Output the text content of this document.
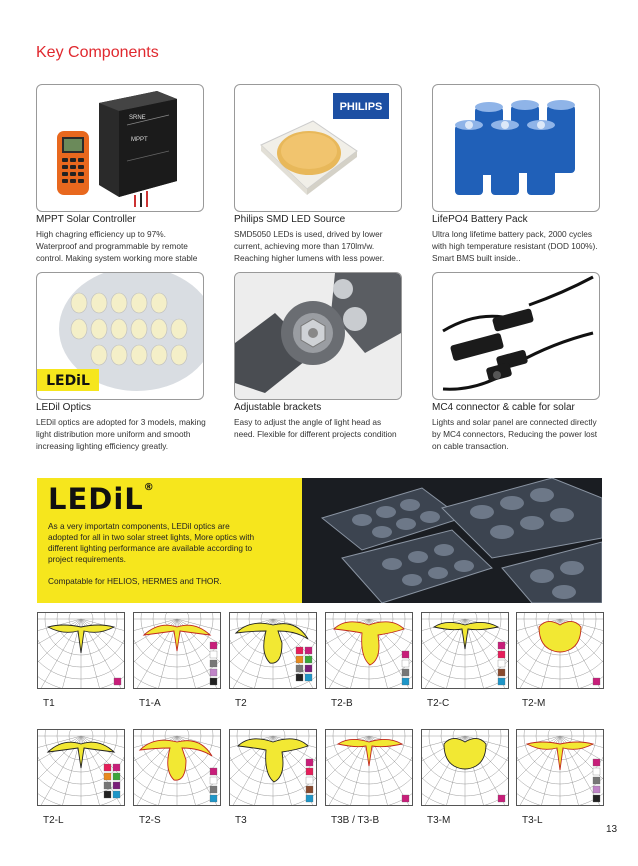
Key Components
SRNE
MPPT
PHILIPS
MPPT Solar Controller
High chagring efficiency up to 97%.
Waterproof and programmable by remote
control. Making system working more stable
Philips SMD LED Source
SMD5050 LEDs is used, drived by lower
current, achieving more than 170lm/w.
Reaching higher lumens with less power.
LifePO4 Battery Pack
Ultra long lifetime battery pack, 2000 cycles
with high temperature resistant (DOD 100%).
Smart BMS built inside..
LEDiL
LEDil Optics
LEDil optics are adopted for 3 models, making
light distribution more uniform and smooth
increasing lighting efficiency greatly.
Adjustable brackets
Easy to adjust the angle of light head as
need. Flexible for different projects condition
MC4 connector & cable for solar
Lights and solar panel are connected directly
by MC4 connectors, Reducing the power lost
on cable transaction.
LEDiL®

As a very importatn components, LEDil optics are adopted for all in two solar street lights, More optics with different lighting performance are available according to project requirements.

Compatable for HELIOS, HERMES and THOR.

T1	T1-A	T2	T2-B	T2-C	T2-M
T2-L	T2-S	T3	T3B / T3-B	T3-M	T3-L
13
